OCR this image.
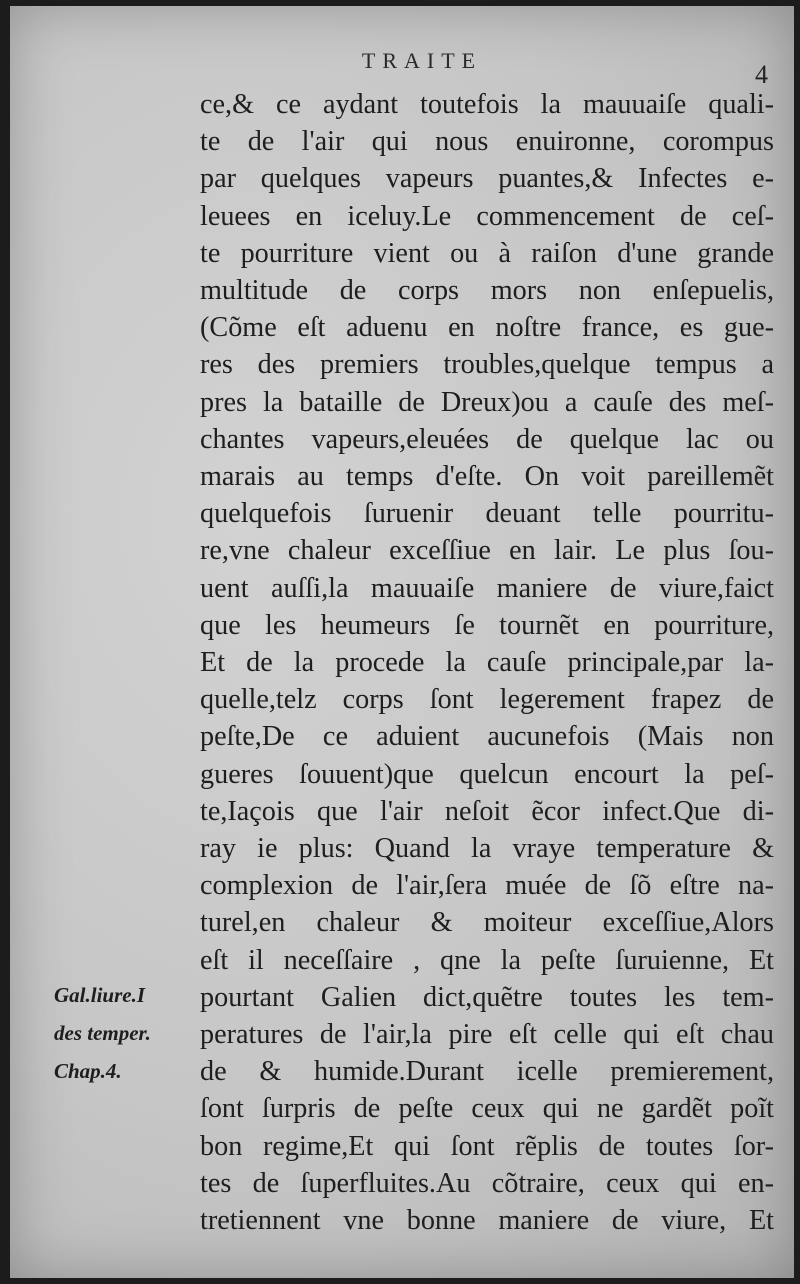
TRAITE	4
ce,& ce aydant toutefois la mauuaiſe quali-
te de l'air qui nous enuironne, corompus
par quelques vapeurs puantes,& Infectes e-
leuees en iceluy.Le commencement de ceſ-
te pourriture vient ou à raiſon d'une grande
multitude de corps mors non enſepuelis,
(Cõme eſt aduenu en noſtre france, es gue-
res des premiers troubles,quelque tempus a
pres la bataille de Dreux)ou a cauſe des meſ-
chantes vapeurs,eleuées de quelque lac ou
marais au temps d'eſte. On voit pareillemẽt
quelquefois ſuruenir deuant telle pourritu-
re,vne chaleur exceſſiue en lair. Le plus ſou-
uent auſſi,la mauuaiſe maniere de viure,faict
que les heumeurs ſe tournẽt en pourriture,
Et de la procede la cauſe principale,par la-
quelle,telz corps ſont legerement frapez de
peſte,De ce aduient aucunefois (Mais non
gueres ſouuent)que quelcun encourt la peſ-
te,Iaçois que l'air neſoit ẽcor infect.Que di-
ray ie plus: Quand la vraye temperature &
complexion de l'air,ſera muée de ſõ eſtre na-
turel,en chaleur & moiteur exceſſiue,Alors
eſt il neceſſaire , qne la peſte ſuruienne, Et
pourtant Galien dict,quẽtre toutes les tem-
peratures de l'air,la pire eſt celle qui eſt chau
de & humide.Durant icelle premierement,
ſont ſurpris de peſte ceux qui ne gardẽt poĩt
bon regime,Et qui ſont rẽplis de toutes ſor-
tes de ſuperfluites.Au cõtraire, ceux qui en-
tretiennent vne bonne maniere de viure, Et
Gal.liure.I
des temper.
Chap.4.
